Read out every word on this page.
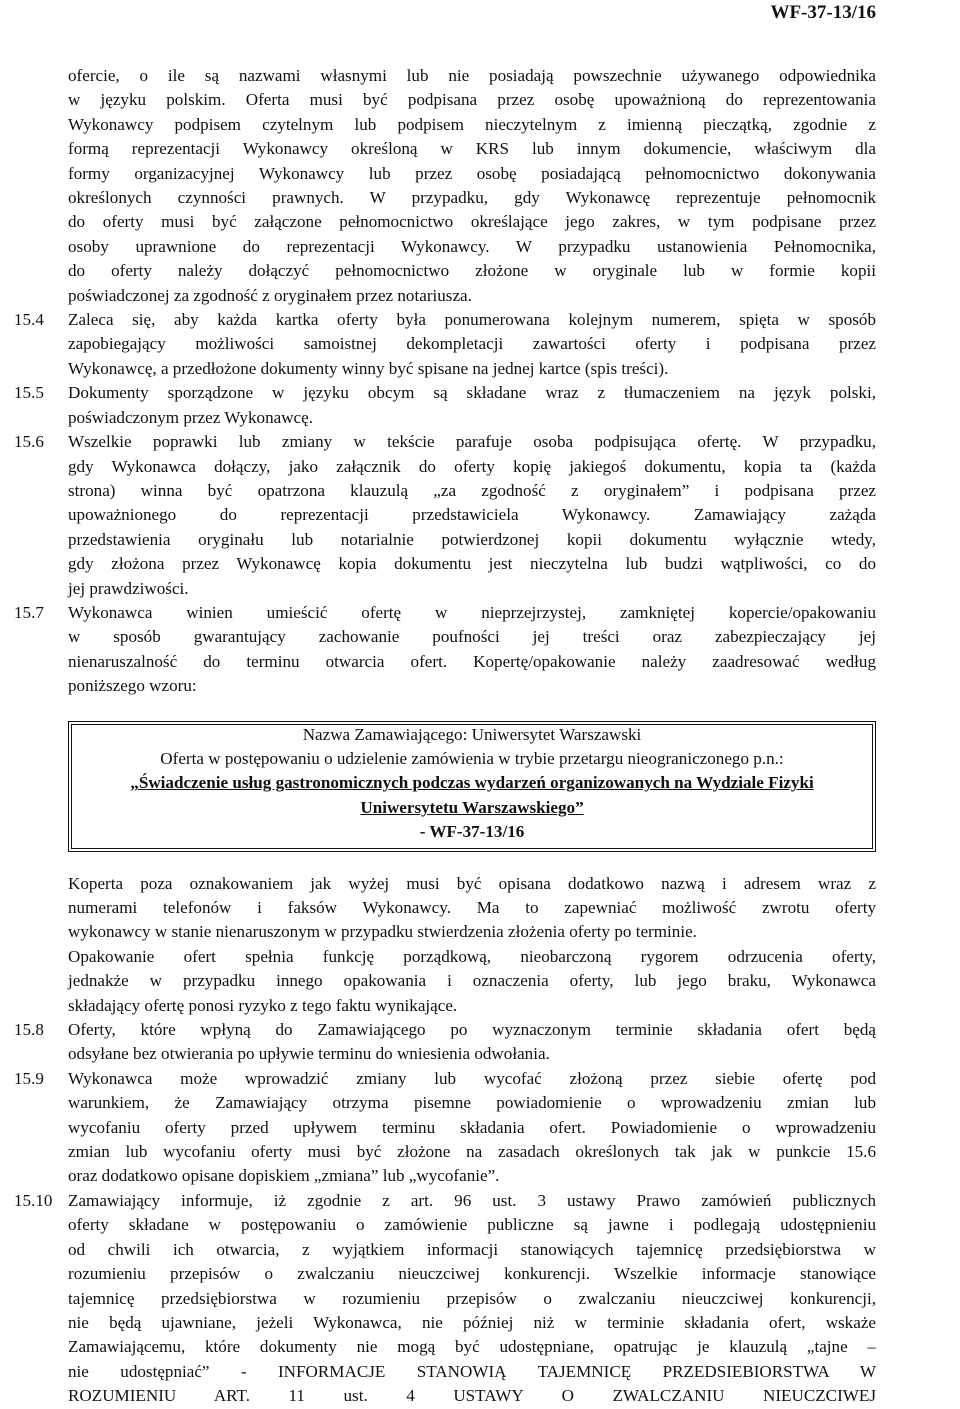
WF-37-13/16
ofercie, o ile są nazwami własnymi lub nie posiadają powszechnie używanego odpowiednika
w języku polskim. Oferta musi być podpisana przez osobę upoważnioną do reprezentowania
Wykonawcy podpisem czytelnym lub podpisem nieczytelnym z imienną pieczątką, zgodnie z
formą reprezentacji Wykonawcy określoną w KRS lub innym dokumencie, właściwym dla
formy organizacyjnej Wykonawcy lub przez osobę posiadającą pełnomocnictwo dokonywania
określonych czynności prawnych. W przypadku, gdy Wykonawcę reprezentuje pełnomocnik
do oferty musi być załączone pełnomocnictwo określające jego zakres, w tym podpisane przez
osoby uprawnione do reprezentacji Wykonawcy. W przypadku ustanowienia Pełnomocnika,
do oferty należy dołączyć pełnomocnictwo złożone w oryginale lub w formie kopii
poświadczonej za zgodność z oryginałem przez notariusza.
15.4	Zaleca się, aby każda kartka oferty była ponumerowana kolejnym numerem, spięta w sposób
zapobiegający możliwości samoistnej dekompletacji zawartości oferty i podpisana przez
Wykonawcę, a przedłożone dokumenty winny być spisane na jednej kartce (spis treści).
15.5	Dokumenty sporządzone w języku obcym są składane wraz z tłumaczeniem na język polski,
poświadczonym przez Wykonawcę.
15.6	Wszelkie poprawki lub zmiany w tekście parafuje osoba podpisująca ofertę. W przypadku,
gdy Wykonawca dołączy, jako załącznik do oferty kopię jakiegoś dokumentu, kopia ta (każda
strona) winna być opatrzona klauzulą „za zgodność z oryginałem” i podpisana przez
upoważnionego do reprezentacji przedstawiciela Wykonawcy. Zamawiający zażąda
przedstawienia oryginału lub notarialnie potwierdzonej kopii dokumentu wyłącznie wtedy,
gdy złożona przez Wykonawcę kopia dokumentu jest nieczytelna lub budzi wątpliwości, co do
jej prawdziwości.
15.7	Wykonawca winien umieścić ofertę w nieprzejrzystej, zamkniętej kopercie/opakowaniu
w sposób gwarantujący zachowanie poufności jej treści oraz zabezpieczający jej
nienaruszalność do terminu otwarcia ofert. Kopertę/opakowanie należy zaadresować według
poniższego wzoru:
Nazwa Zamawiającego: Uniwersytet Warszawski
Oferta w postępowaniu o udzielenie zamówienia w trybie przetargu nieograniczonego p.n.:
„Świadczenie usług gastronomicznych podczas wydarzeń organizowanych na Wydziale Fizyki
Uniwersytetu Warszawskiego”
- WF-37-13/16
Koperta poza oznakowaniem jak wyżej musi być opisana dodatkowo nazwą i adresem wraz z
numerami telefonów i faksów Wykonawcy. Ma to zapewniać możliwość zwrotu oferty
wykonawcy w stanie nienaruszonym w przypadku stwierdzenia złożenia oferty po terminie.
Opakowanie ofert spełnia funkcję porządkową, nieobarczoną rygorem odrzucenia oferty,
jednakże w przypadku innego opakowania i oznaczenia oferty, lub jego braku, Wykonawca
składający ofertę ponosi ryzyko z tego faktu wynikające.
15.8	Oferty, które wpłyną do Zamawiającego po wyznaczonym terminie składania ofert będą
odsyłane bez otwierania po upływie terminu do wniesienia odwołania.
15.9	Wykonawca może wprowadzić zmiany lub wycofać złożoną przez siebie ofertę pod
warunkiem, że Zamawiający otrzyma pisemne powiadomienie o wprowadzeniu zmian lub
wycofaniu oferty przed upływem terminu składania ofert. Powiadomienie o wprowadzeniu
zmian lub wycofaniu oferty musi być złożone na zasadach określonych tak jak w punkcie 15.6
oraz dodatkowo opisane dopiskiem „zmiana” lub „wycofanie”.
15.10 Zamawiający informuje, iż zgodnie z art. 96 ust. 3 ustawy Prawo zamówień publicznych
oferty składane w postępowaniu o zamówienie publiczne są jawne i podlegają udostępnieniu
od chwili ich otwarcia, z wyjątkiem informacji stanowiących tajemnicę przedsiębiorstwa w
rozumieniu przepisów o zwalczaniu nieuczciwej konkurencji. Wszelkie informacje stanowiące
tajemnicę przedsiębiorstwa w rozumieniu przepisów o zwalczaniu nieuczciwej konkurencji,
nie będą ujawniane, jeżeli Wykonawca, nie później niż w terminie składania ofert, wskaże
Zamawiającemu, które dokumenty nie mogą być udostępniane, opatrując je klauzulą „tajne –
nie udostępniać” - INFORMACJE STANOWIĄ TAJEMNICĘ PRZEDSIEBIORSTWA W
ROZUMIENIU ART. 11 ust. 4 USTAWY O ZWALCZANIU NIEUCZCIWEJ
